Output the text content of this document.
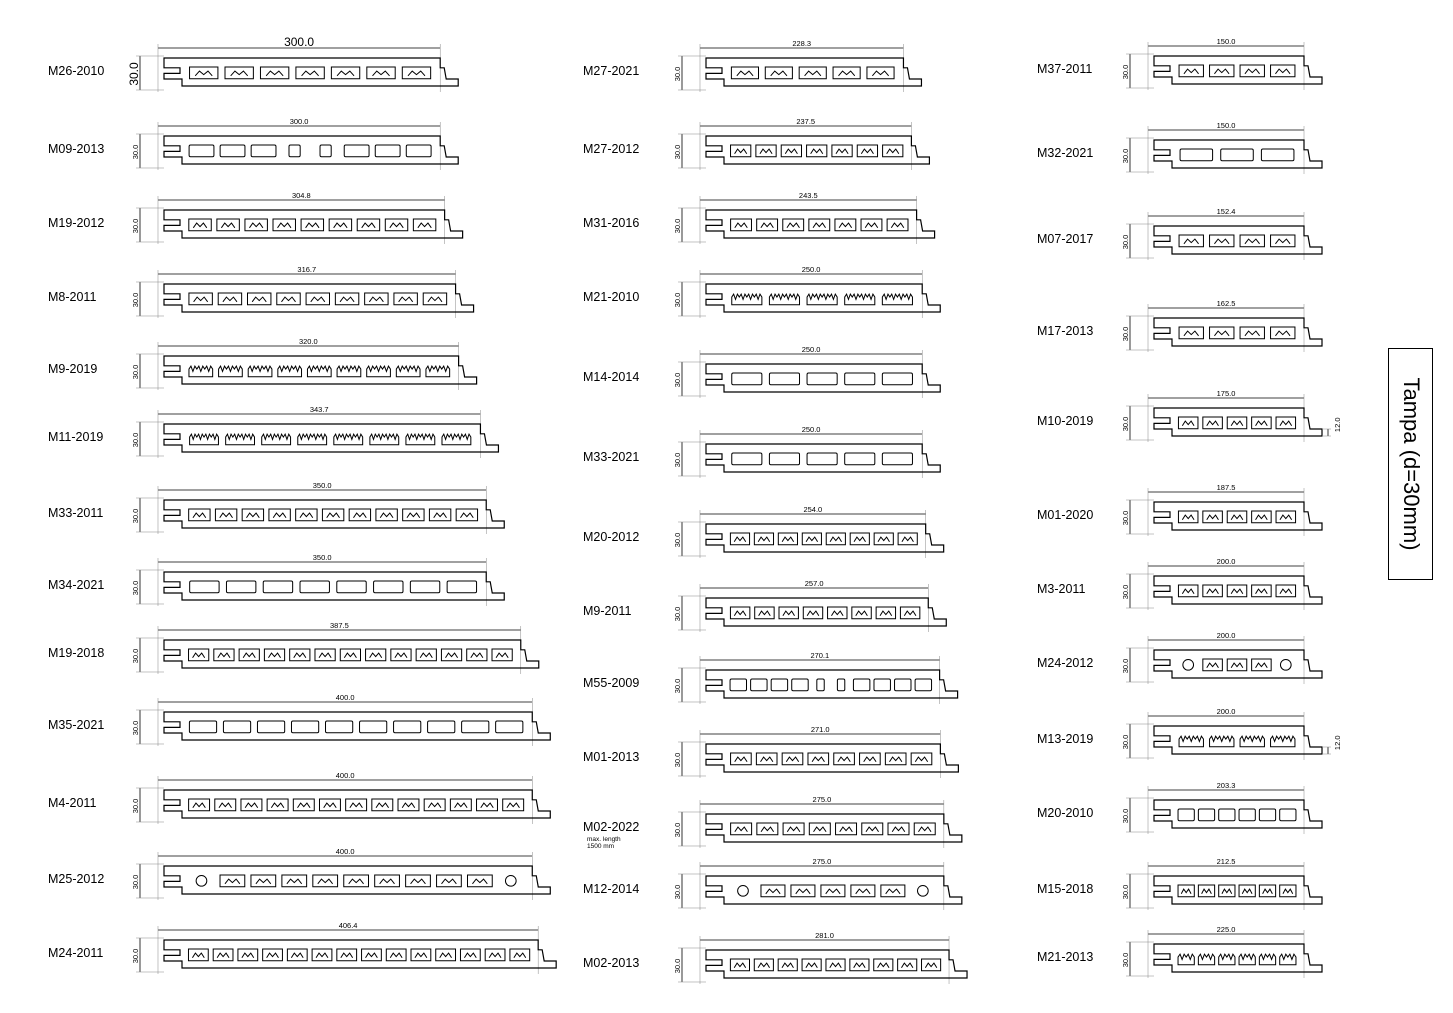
M26-2010
300.0
30.0
M09-2013
300.0
30.0
M19-2012
304.8
30.0
M8-2011
316.7
30.0
M9-2019
320.0
30.0
M11-2019
343.7
30.0
M33-2011
350.0
30.0
M34-2021
350.0
30.0
M19-2018
387.5
30.0
M35-2021
400.0
30.0
M4-2011
400.0
30.0
M25-2012
400.0
30.0
M24-2011
406.4
30.0
M27-2021
228.3
30.0
M27-2012
237.5
30.0
M31-2016
243.5
30.0
M21-2010
250.0
30.0
M14-2014
250.0
30.0
M33-2021
250.0
30.0
M20-2012
254.0
30.0
M9-2011
257.0
30.0
M55-2009
270.1
30.0
M01-2013
271.0
30.0
M02-2022
max. length
1500 mm
275.0
30.0
M12-2014
275.0
30.0
M02-2013
281.0
30.0
M37-2011
150.0
30.0
M32-2021
150.0
30.0
M07-2017
152.4
30.0
M17-2013
162.5
30.0
M10-2019
175.0
30.0	12.0
M01-2020
187.5
30.0
M3-2011
200.0
30.0
M24-2012
200.0
30.0
M13-2019
200.0
30.0	12.0
M20-2010
203.3
30.0
M15-2018
212.5
30.0
M21-2013
225.0
30.0
Tampa (d=30mm)
